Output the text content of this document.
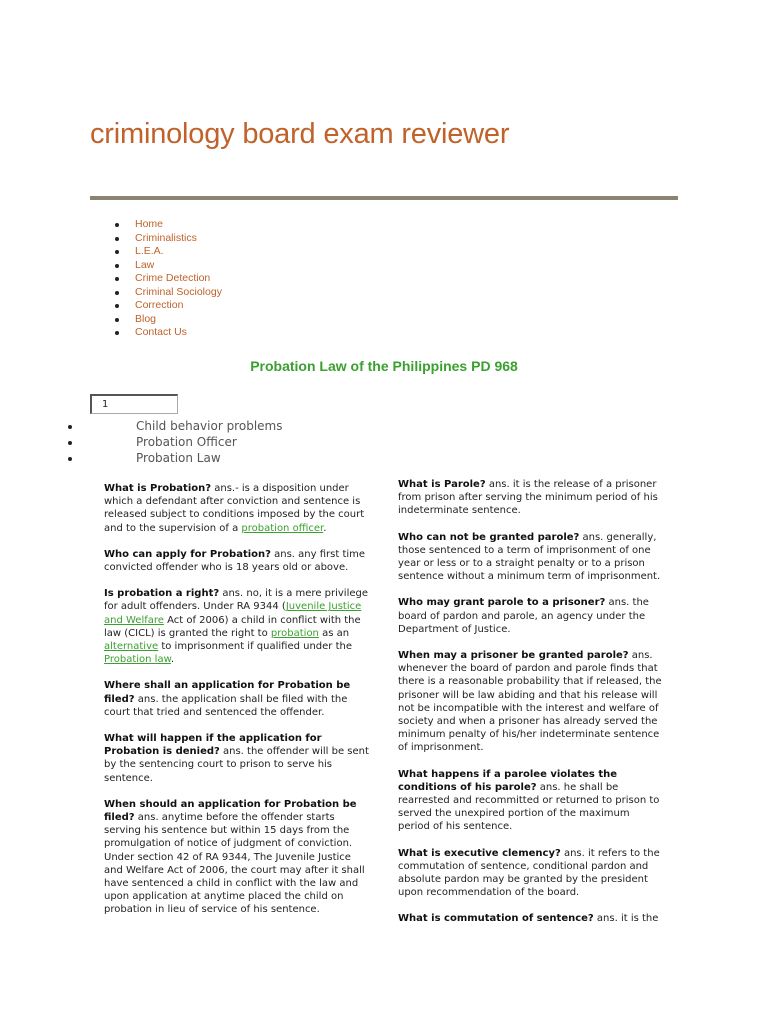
criminology board exam reviewer
Home
Criminalistics
L.E.A.
Law
Crime Detection
Criminal Sociology
Correction
Blog
Contact Us
Probation Law of the Philippines PD 968
1
Child behavior problems
Probation Officer
Probation Law

What is Probation? ans.- is a disposition under which a defendant after conviction and sentence is released subject to conditions imposed by the court and to the supervision of a probation officer.

Who can apply for Probation? ans. any first time convicted offender who is 18 years old or above.

Is probation a right? ans. no, it is a mere privilege for adult offenders. Under RA 9344 (Juvenile Justice and Welfare Act of 2006) a child in conflict with the law (CICL) is granted the right to probation as an alternative to imprisonment if qualified under the Probation law.

Where shall an application for Probation be filed? ans. the application shall be filed with the court that tried and sentenced the offender.

What will happen if the application for Probation is denied? ans. the offender will be sent by the sentencing court to prison to serve his sentence.

When should an application for Probation be filed? ans. anytime before the offender starts serving his sentence but within 15 days from the promulgation of notice of judgment of conviction. Under section 42 of RA 9344, The Juvenile Justice and Welfare Act of 2006, the court may after it shall have sentenced a child in conflict with the law and upon application at anytime placed the child on probation in lieu of service of his sentence.

What is Parole? ans. it is the release of a prisoner from prison after serving the minimum period of his indeterminate sentence.

Who can not be granted parole? ans. generally, those sentenced to a term of imprisonment of one year or less or to a straight penalty or to a prison sentence without a minimum term of imprisonment.

Who may grant parole to a prisoner? ans. the board of pardon and parole, an agency under the Department of Justice.

When may a prisoner be granted parole? ans. whenever the board of pardon and parole finds that there is a reasonable probability that if released, the prisoner will be law abiding and that his release will not be incompatible with the interest and welfare of society and when a prisoner has already served the minimum penalty of his/her indeterminate sentence of imprisonment.

What happens if a parolee violates the conditions of his parole? ans. he shall be rearrested and recommitted or returned to prison to served the unexpired portion of the maximum period of his sentence.

What is executive clemency? ans. it refers to the commutation of sentence, conditional pardon and absolute pardon may be granted by the president upon recommendation of the board.

What is commutation of sentence? ans. it is the
